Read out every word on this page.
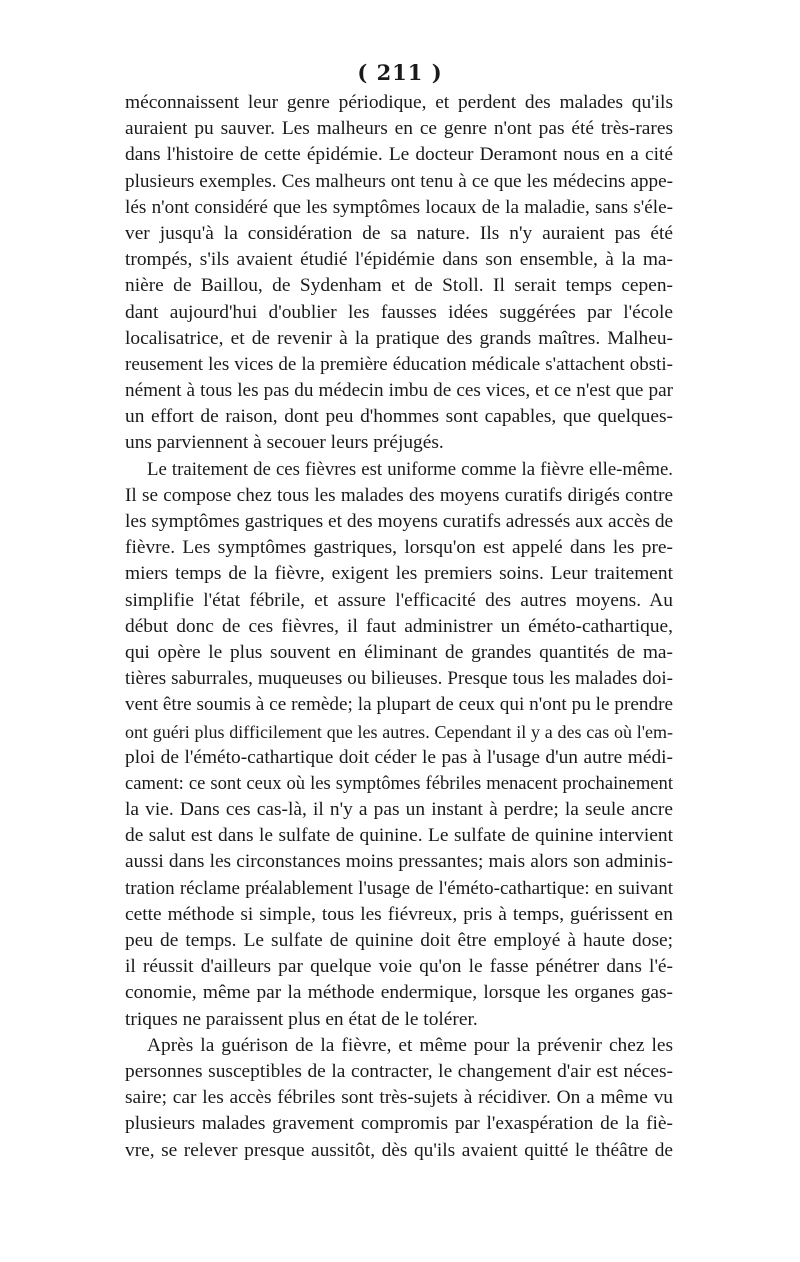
( 211 )
méconnaissent leur genre périodique, et perdent des malades qu'ils
auraient pu sauver. Les malheurs en ce genre n'ont pas été très-rares
dans l'histoire de cette épidémie. Le docteur Deramont nous en a cité
plusieurs exemples. Ces malheurs ont tenu à ce que les médecins appe-
lés n'ont considéré que les symptômes locaux de la maladie, sans s'éle-
ver jusqu'à la considération de sa nature. Ils n'y auraient pas été
trompés, s'ils avaient étudié l'épidémie dans son ensemble, à la ma-
nière de Baillou, de Sydenham et de Stoll. Il serait temps cepen-
dant aujourd'hui d'oublier les fausses idées suggérées par l'école
localisatrice, et de revenir à la pratique des grands maîtres. Malheu-
reusement les vices de la première éducation médicale s'attachent obsti-
nément à tous les pas du médecin imbu de ces vices, et ce n'est que par
un effort de raison, dont peu d'hommes sont capables, que quelques-
uns parviennent à secouer leurs préjugés.
Le traitement de ces fièvres est uniforme comme la fièvre elle-même.
Il se compose chez tous les malades des moyens curatifs dirigés contre
les symptômes gastriques et des moyens curatifs adressés aux accès de
fièvre. Les symptômes gastriques, lorsqu'on est appelé dans les pre-
miers temps de la fièvre, exigent les premiers soins. Leur traitement
simplifie l'état fébrile, et assure l'efficacité des autres moyens. Au
début donc de ces fièvres, il faut administrer un éméto-cathartique,
qui opère le plus souvent en éliminant de grandes quantités de ma-
tières saburrales, muqueuses ou bilieuses. Presque tous les malades doi-
vent être soumis à ce remède; la plupart de ceux qui n'ont pu le prendre
ont guéri plus difficilement que les autres. Cependant il y a des cas où l'em-
ploi de l'éméto-cathartique doit céder le pas à l'usage d'un autre médi-
cament: ce sont ceux où les symptômes fébriles menacent prochainement
la vie. Dans ces cas-là, il n'y a pas un instant à perdre; la seule ancre
de salut est dans le sulfate de quinine. Le sulfate de quinine intervient
aussi dans les circonstances moins pressantes; mais alors son adminis-
tration réclame préalablement l'usage de l'éméto-cathartique: en suivant
cette méthode si simple, tous les fiévreux, pris à temps, guérissent en
peu de temps. Le sulfate de quinine doit être employé à haute dose;
il réussit d'ailleurs par quelque voie qu'on le fasse pénétrer dans l'é-
conomie, même par la méthode endermique, lorsque les organes gas-
triques ne paraissent plus en état de le tolérer.
Après la guérison de la fièvre, et même pour la prévenir chez les
personnes susceptibles de la contracter, le changement d'air est néces-
saire; car les accès fébriles sont très-sujets à récidiver. On a même vu
plusieurs malades gravement compromis par l'exaspération de la fiè-
vre, se relever presque aussitôt, dès qu'ils avaient quitté le théâtre de
